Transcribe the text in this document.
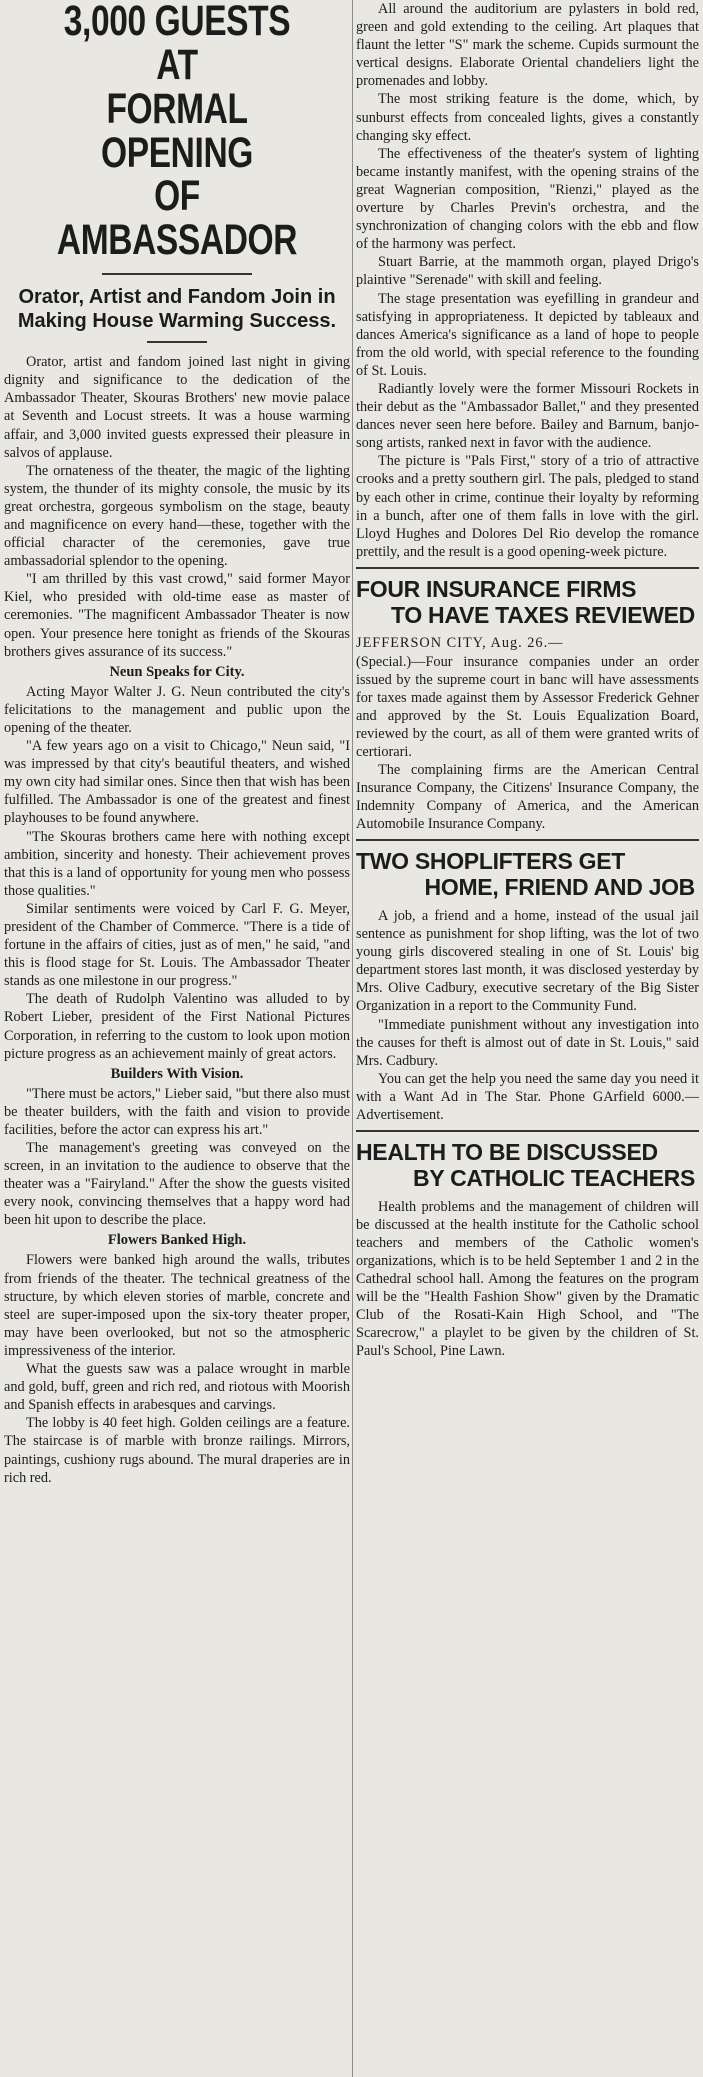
3,000 GUESTS AT
FORMAL OPENING
OF AMBASSADOR
Orator, Artist and Fandom Join in Making House Warming Success.

Orator, artist and fandom joined last night in giving dignity and significance to the dedication of the Ambassador Theater, Skouras Brothers' new movie palace at Seventh and Locust streets. It was a house warming affair, and 3,000 invited guests expressed their pleasure in salvos of applause.

The ornateness of the theater, the magic of the lighting system, the thunder of its mighty console, the music by its great orchestra, gorgeous symbolism on the stage, beauty and magnificence on every hand—these, together with the official character of the ceremonies, gave true ambassadorial splendor to the opening.

"I am thrilled by this vast crowd," said former Mayor Kiel, who presided with old-time ease as master of ceremonies. "The magnificent Ambassador Theater is now open. Your presence here tonight as friends of the Skouras brothers gives assurance of its success."

Neun Speaks for City.

Acting Mayor Walter J. G. Neun contributed the city's felicitations to the management and public upon the opening of the theater.

"A few years ago on a visit to Chicago," Neun said, "I was impressed by that city's beautiful theaters, and wished my own city had similar ones. Since then that wish has been fulfilled. The Ambassador is one of the greatest and finest playhouses to be found anywhere.

"The Skouras brothers came here with nothing except ambition, sincerity and honesty. Their achievement proves that this is a land of opportunity for young men who possess those qualities."

Similar sentiments were voiced by Carl F. G. Meyer, president of the Chamber of Commerce. "There is a tide of fortune in the affairs of cities, just as of men," he said, "and this is flood stage for St. Louis. The Ambassador Theater stands as one milestone in our progress."

The death of Rudolph Valentino was alluded to by Robert Lieber, president of the First National Pictures Corporation, in referring to the custom to look upon motion picture progress as an achievement mainly of great actors.

Builders With Vision.

"There must be actors," Lieber said, "but there also must be theater builders, with the faith and vision to provide facilities, before the actor can express his art."

The management's greeting was conveyed on the screen, in an invitation to the audience to observe that the theater was a "Fairyland." After the show the guests visited every nook, convincing themselves that a happy word had been hit upon to describe the place.

Flowers Banked High.

Flowers were banked high around the walls, tributes from friends of the theater. The technical greatness of the structure, by which eleven stories of marble, concrete and steel are super-imposed upon the six-tory theater proper, may have been overlooked, but not so the atmospheric impressiveness of the interior.

What the guests saw was a palace wrought in marble and gold, buff, green and rich red, and riotous with Moorish and Spanish effects in arabesques and carvings.

The lobby is 40 feet high. Golden ceilings are a feature. The staircase is of marble with bronze railings. Mirrors, paintings, cushiony rugs abound. The mural draperies are in rich red.

All around the auditorium are pylasters in bold red, green and gold extending to the ceiling. Art plaques that flaunt the letter "S" mark the scheme. Cupids surmount the vertical designs. Elaborate Oriental chandeliers light the promenades and lobby.

The most striking feature is the dome, which, by sunburst effects from concealed lights, gives a constantly changing sky effect.

The effectiveness of the theater's system of lighting became instantly manifest, with the opening strains of the great Wagnerian composition, "Rienzi," played as the overture by Charles Previn's orchestra, and the synchronization of changing colors with the ebb and flow of the harmony was perfect.

Stuart Barrie, at the mammoth organ, played Drigo's plaintive "Serenade" with skill and feeling.

The stage presentation was eyefilling in grandeur and satisfying in appropriateness. It depicted by tableaux and dances America's significance as a land of hope to people from the old world, with special reference to the founding of St. Louis.

Radiantly lovely were the former Missouri Rockets in their debut as the "Ambassador Ballet," and they presented dances never seen here before. Bailey and Barnum, banjo-song artists, ranked next in favor with the audience.

The picture is "Pals First," story of a trio of attractive crooks and a pretty southern girl. The pals, pledged to stand by each other in crime, continue their loyalty by reforming in a bunch, after one of them falls in love with the girl. Lloyd Hughes and Dolores Del Rio develop the romance prettily, and the result is a good opening-week picture.

FOUR INSURANCE FIRMS
TO HAVE TAXES REVIEWED

JEFFERSON CITY, Aug. 26.—

(Special.)—Four insurance companies under an order issued by the supreme court in banc will have assessments for taxes made against them by Assessor Frederick Gehner and approved by the St. Louis Equalization Board, reviewed by the court, as all of them were granted writs of certiorari.

The complaining firms are the American Central Insurance Company, the Citizens' Insurance Company, the Indemnity Company of America, and the American Automobile Insurance Company.

TWO SHOPLIFTERS GET
HOME, FRIEND AND JOB

A job, a friend and a home, instead of the usual jail sentence as punishment for shop lifting, was the lot of two young girls discovered stealing in one of St. Louis' big department stores last month, it was disclosed yesterday by Mrs. Olive Cadbury, executive secretary of the Big Sister Organization in a report to the Community Fund.

"Immediate punishment without any investigation into the causes for theft is almost out of date in St. Louis," said Mrs. Cadbury.

You can get the help you need the same day you need it with a Want Ad in The Star. Phone GArfield 6000.—Advertisement.

HEALTH TO BE DISCUSSED
BY CATHOLIC TEACHERS

Health problems and the management of children will be discussed at the health institute for the Catholic school teachers and members of the Catholic women's organizations, which is to be held September 1 and 2 in the Cathedral school hall. Among the features on the program will be the "Health Fashion Show" given by the Dramatic Club of the Rosati-Kain High School, and "The Scarecrow," a playlet to be given by the children of St. Paul's School, Pine Lawn.
